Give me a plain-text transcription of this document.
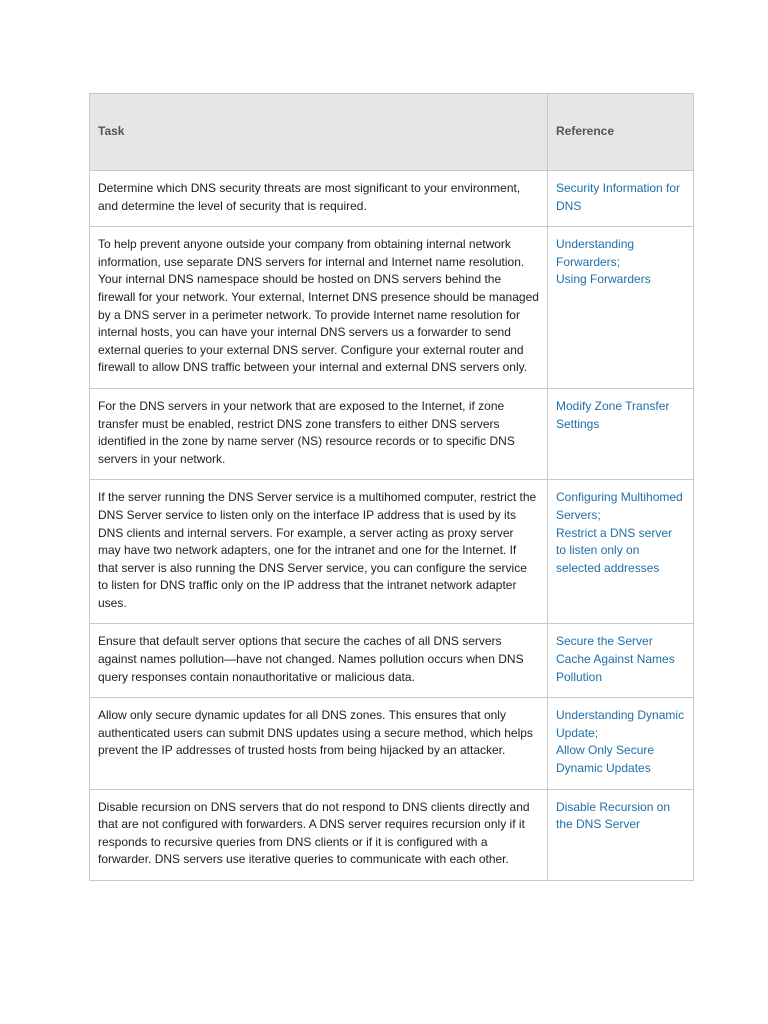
Task	Reference
Determine which DNS security threats are most significant to your environment, and determine the level of security that is required.	Security Information for DNS

To help prevent anyone outside your company from obtaining internal network information, use separate DNS servers for internal and Internet name resolution. Your internal DNS namespace should be hosted on DNS servers behind the firewall for your network. Your external, Internet DNS presence should be managed by a DNS server in a perimeter network. To provide Internet name resolution for internal hosts, you can have your internal DNS servers us a forwarder to send external queries to your external DNS server. Configure your external router and firewall to allow DNS traffic between your internal and external DNS servers only.	Understanding Forwarders;
Using Forwarders

For the DNS servers in your network that are exposed to the Internet, if zone transfer must be enabled, restrict DNS zone transfers to either DNS servers identified in the zone by name server (NS) resource records or to specific DNS servers in your network.	Modify Zone Transfer Settings

If the server running the DNS Server service is a multihomed computer, restrict the DNS Server service to listen only on the interface IP address that is used by its DNS clients and internal servers. For example, a server acting as proxy server may have two network adapters, one for the intranet and one for the Internet. If that server is also running the DNS Server service, you can configure the service to listen for DNS traffic only on the IP address that the intranet network adapter uses.	Configuring Multihomed Servers;
Restrict a DNS server to listen only on selected addresses

Ensure that default server options that secure the caches of all DNS servers against names pollution—have not changed. Names pollution occurs when DNS query responses contain nonauthoritative or malicious data.	Secure the Server Cache Against Names Pollution

Allow only secure dynamic updates for all DNS zones. This ensures that only authenticated users can submit DNS updates using a secure method, which helps prevent the IP addresses of trusted hosts from being hijacked by an attacker.	Understanding Dynamic Update;
Allow Only Secure Dynamic Updates

Disable recursion on DNS servers that do not respond to DNS clients directly and that are not configured with forwarders. A DNS server requires recursion only if it responds to recursive queries from DNS clients or if it is configured with a forwarder. DNS servers use iterative queries to communicate with each other.	Disable Recursion on the DNS Server
